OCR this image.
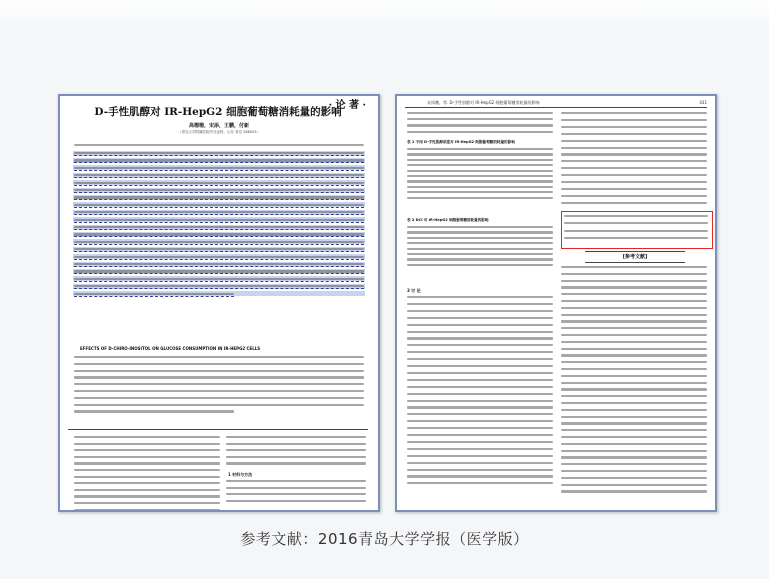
· 论 著 ·
D-手性肌醇对 IR-HepG2 细胞葡萄糖消耗量的影响
高珊珊，宋添，王鹏，付新
（青岛大学附属医院内分泌科，山东 青岛 266003）
EFFECTS OF D-CHIRO-INOSITOL ON GLUCOSE CONSUMPTION IN IR-HEPG2 CELLS
1 材料与方法
宋添鹏，等. D-手性肌醇对 IR-HepG2 细胞葡萄糖消耗量的影响	431
表 1 不同 D-手性肌醇浓度对 IR-HepG2 细胞葡萄糖消耗量的影响
表 2 DCI 对 IR-HepG2 细胞葡萄糖消耗量的影响
3 讨 论
[参考文献]
参考文献：2016青岛大学学报（医学版）
